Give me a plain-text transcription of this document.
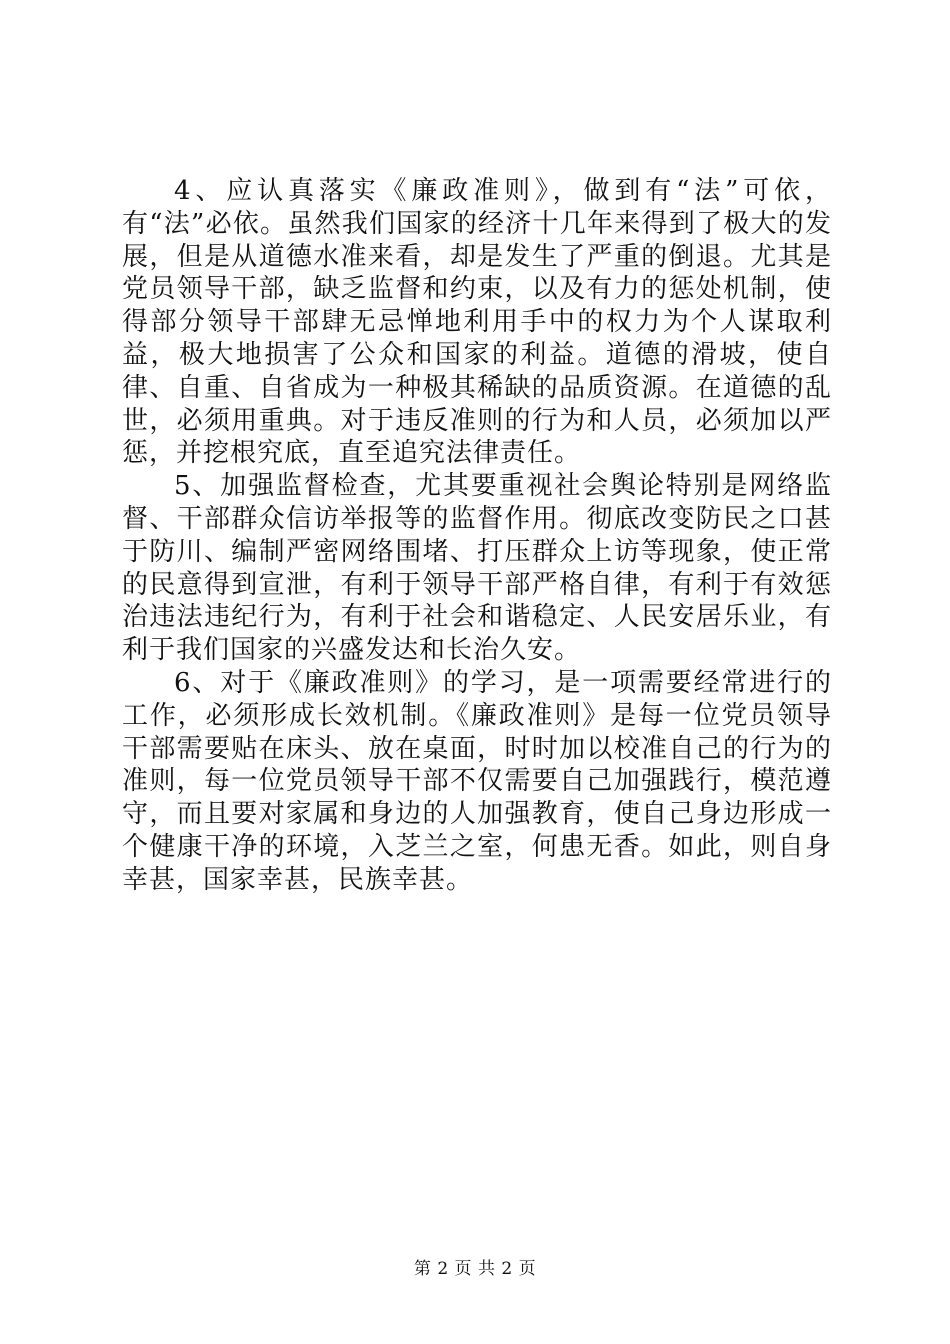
4、应认真落实《廉政准则》，做到有“法”可依，有“法”必依。虽然我们国家的经济十几年来得到了极大的发展，但是从道德水准来看，却是发生了严重的倒退。尤其是党员领导干部，缺乏监督和约束，以及有力的惩处机制，使得部分领导干部肆无忌惮地利用手中的权力为个人谋取利益，极大地损害了公众和国家的利益。道德的滑坡，使自律、自重、自省成为一种极其稀缺的品质资源。在道德的乱世，必须用重典。对于违反准则的行为和人员，必须加以严惩，并挖根究底，直至追究法律责任。

5、加强监督检查，尤其要重视社会舆论特别是网络监督、干部群众信访举报等的监督作用。彻底改变防民之口甚于防川、编制严密网络围堵、打压群众上访等现象，使正常的民意得到宣泄，有利于领导干部严格自律，有利于有效惩治违法违纪行为，有利于社会和谐稳定、人民安居乐业，有利于我们国家的兴盛发达和长治久安。

6、对于《廉政准则》的学习，是一项需要经常进行的工作，必须形成长效机制。《廉政准则》是每一位党员领导干部需要贴在床头、放在桌面，时时加以校准自己的行为的准则，每一位党员领导干部不仅需要自己加强践行，模范遵守，而且要对家属和身边的人加强教育，使自己身边形成一个健康干净的环境，入芝兰之室，何患无香。如此，则自身幸甚，国家幸甚，民族幸甚。

第 2 页 共 2 页
